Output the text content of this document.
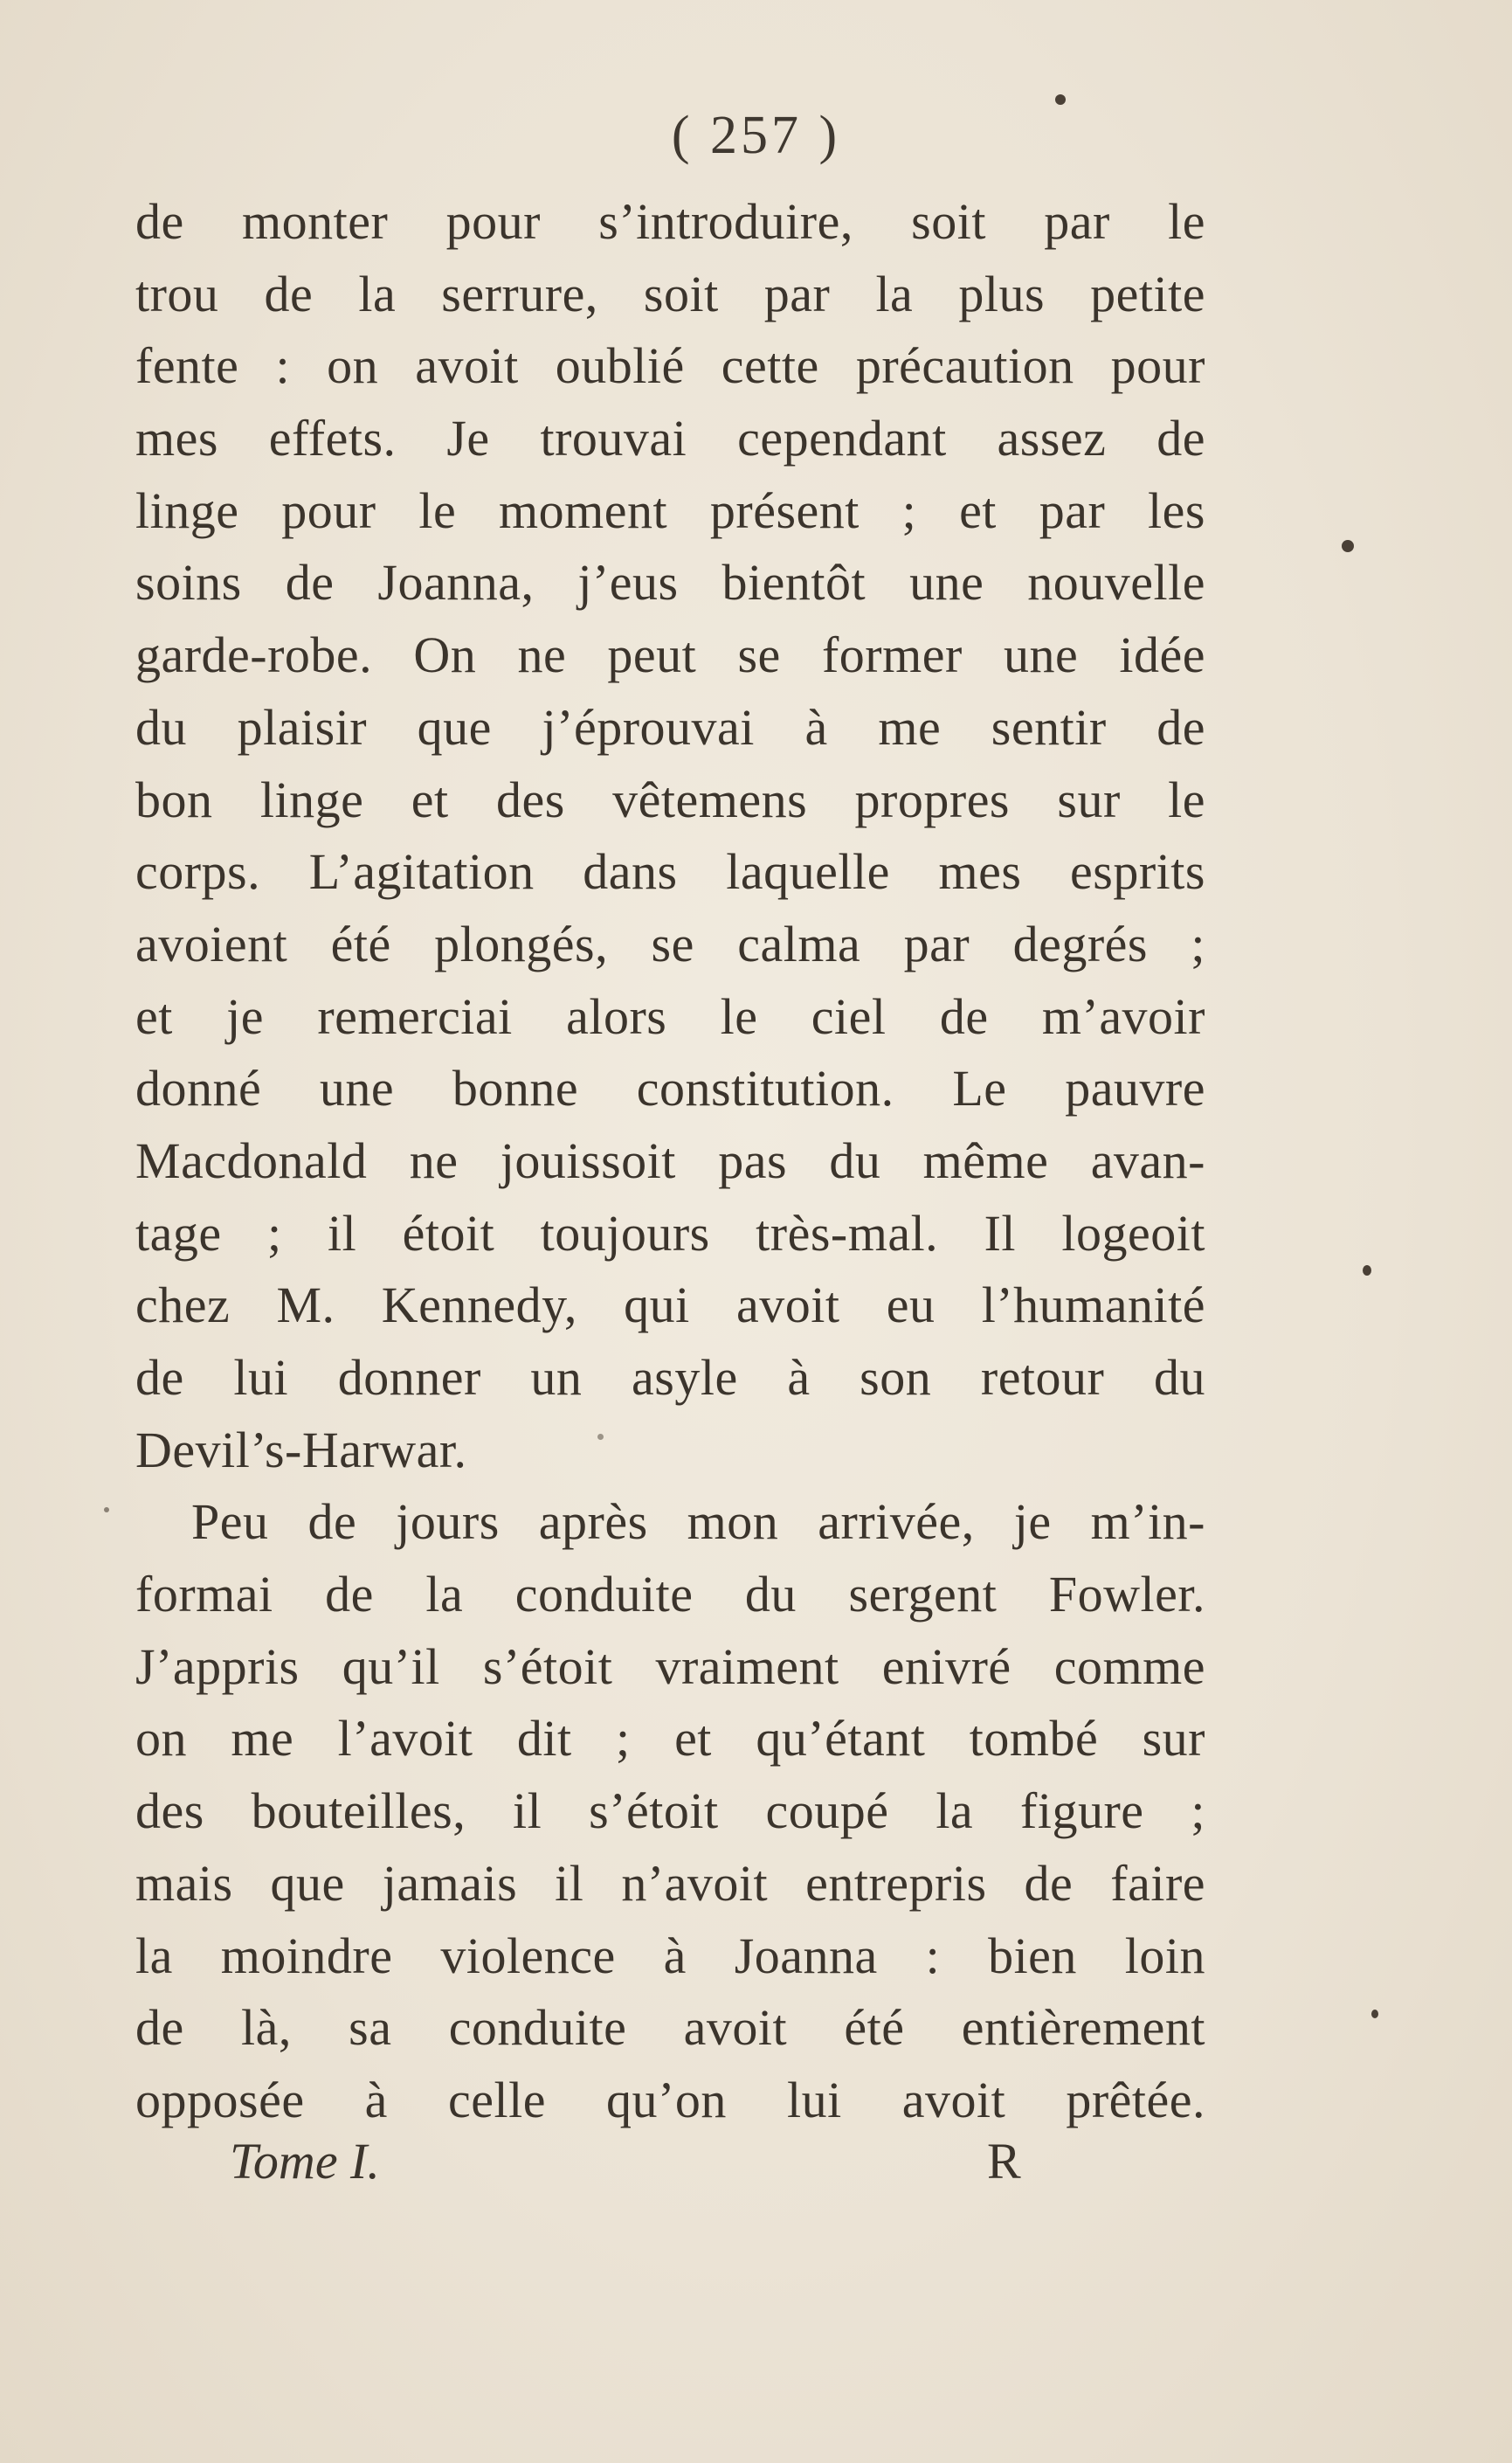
( 257 )
de monter pour s’introduire, soit par le
trou de la serrure, soit par la plus petite
fente : on avoit oublié cette précaution pour
mes effets. Je trouvai cependant assez de
linge pour le moment présent ; et par les
soins de Joanna, j’eus bientôt une nouvelle
garde-robe. On ne peut se former une idée
du plaisir que j’éprouvai à me sentir de
bon linge et des vêtemens propres sur le
corps. L’agitation dans laquelle mes esprits
avoient été plongés, se calma par degrés ;
et je remerciai alors le ciel de m’avoir
donné une bonne constitution. Le pauvre
Macdonald ne jouissoit pas du même avan-
tage ; il étoit toujours très-mal. Il logeoit
chez M. Kennedy, qui avoit eu l’humanité
de lui donner un asyle à son retour du
Devil’s-Harwar.
Peu de jours après mon arrivée, je m’in-
formai de la conduite du sergent Fowler.
J’appris qu’il s’étoit vraiment enivré comme
on me l’avoit dit ; et qu’étant tombé sur
des bouteilles, il s’étoit coupé la figure ;
mais que jamais il n’avoit entrepris de faire
la moindre violence à Joanna : bien loin
de là, sa conduite avoit été entièrement
opposée à celle qu’on lui avoit prêtée.
Tome I.	R
